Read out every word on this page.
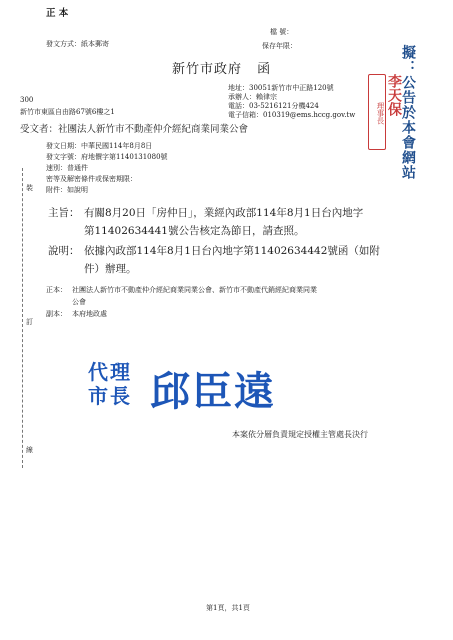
正 本
發文方式：紙本郵寄
檔 號：
保存年限：	擬：公告於本會網站
新竹市政府 函
地址：30051新竹市中正路120號
承辦人：賴律宗
電話：03-5216121分機424
電子信箱：010319@ems.hccg.gov.tw	理事長 李天保
300
新竹市東區自由路67號6樓之1
受文者：社團法人新竹市不動產仲介經紀商業同業公會
發文日期：中華民國114年8月8日
發文字號：府地價字第1140131080號
速別：普通件
密等及解密條件或保密期限：
附件：如說明
裝
訂
線
主旨： 有關8月20日「房仲日」，業經內政部114年8月1日台內地字
第11402634441號公告核定為節日，請查照。
說明： 依據內政部114年8月1日台內地字第11402634442號函（如附
件）辦理。
正本： 社團法人新竹市不動產仲介經紀商業同業公會、新竹市不動產代銷經紀商業同業
公會
副本： 本府地政處
代理
市長 邱臣遠
本案依分層負責規定授權主管處長決行
第1頁，共1頁
